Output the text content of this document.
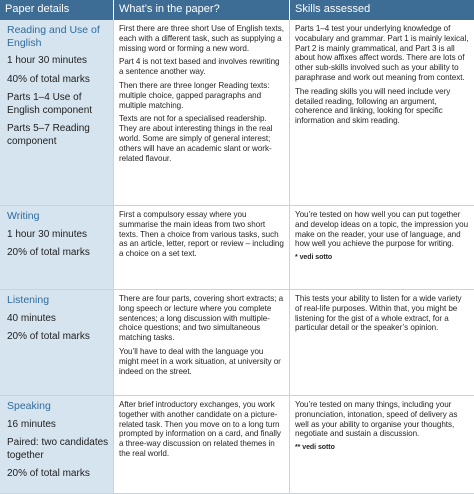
Paper details	What’s in the paper?	Skills assessed

Reading and Use of English

1 hour 30 minutes

40% of total marks

Parts 1–4 Use of English component

Parts 5–7 Reading component

First there are three short Use of English texts, each with a different task, such as supplying a missing word or forming a new word.

Part 4 is not text based and involves rewriting a sentence another way.

Then there are three longer Reading texts: multiple choice, gapped paragraphs and multiple matching.

Texts are not for a specialised readership. They are about interesting things in the real world. Some are simply of general interest; others will have an academic slant or work-related flavour.

Parts 1–4 test your underlying knowledge of vocabulary and grammar. Part 1 is mainly lexical, Part 2 is mainly grammatical, and Part 3 is all about how affixes affect words. There are lots of other sub-skills involved such as your ability to paraphrase and work out meaning from context.

The reading skills you will need include very detailed reading, following an argument, coherence and linking, looking for specific information and skim reading.

Writing

1 hour 30 minutes

20% of total marks

First a compulsory essay where you summarise the main ideas from two short texts. Then a choice from various tasks, such as an article, letter, report or review – including a choice on a set text.

You’re tested on how well you can put together and develop ideas on a topic, the impression you make on the reader, your use of language, and how well you achieve the purpose for writing.

* vedi sotto

Listening

40 minutes

20% of total marks

There are four parts, covering short extracts; a long speech or lecture where you complete sentences; a long discussion with multiple-choice questions; and two simultaneous matching tasks.

You’ll have to deal with the language you might meet in a work situation, at university or indeed on the street.

This tests your ability to listen for a wide variety of real-life purposes. Within that, you might be listening for the gist of a whole extract, for a particular detail or the speaker’s opinion.

Speaking

16 minutes

Paired: two candidates together

20% of total marks

After brief introductory exchanges, you work together with another candidate on a picture-related task. Then you move on to a long turn prompted by information on a card, and finally a three-way discussion on related themes in the real world.

You’re tested on many things, including your pronunciation, intonation, speed of delivery as well as your ability to organise your thoughts, negotiate and sustain a discussion.

** vedi sotto
